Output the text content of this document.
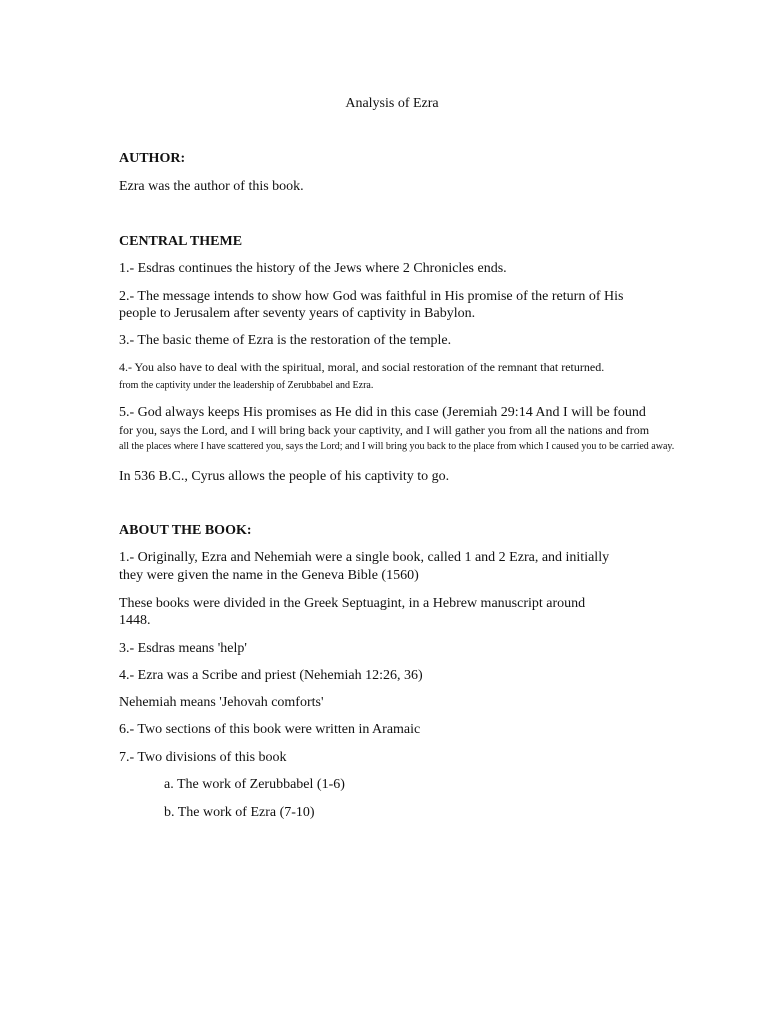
Analysis of Ezra
AUTHOR:
Ezra was the author of this book.
CENTRAL THEME
1.- Esdras continues the history of the Jews where 2 Chronicles ends.
2.- The message intends to show how God was faithful in His promise of the return of His
people to Jerusalem after seventy years of captivity in Babylon.
3.- The basic theme of Ezra is the restoration of the temple.
4.- You also have to deal with the spiritual, moral, and social restoration of the remnant that returned.
from the captivity under the leadership of Zerubbabel and Ezra.
5.- God always keeps His promises as He did in this case (Jeremiah 29:14 And I will be found
for you, says the Lord, and I will bring back your captivity, and I will gather you from all the nations and from
all the places where I have scattered you, says the Lord; and I will bring you back to the place from which I caused you to be carried away.
In 536 B.C., Cyrus allows the people of his captivity to go.
ABOUT THE BOOK:
1.- Originally, Ezra and Nehemiah were a single book, called 1 and 2 Ezra, and initially
they were given the name in the Geneva Bible (1560)
These books were divided in the Greek Septuagint, in a Hebrew manuscript around
1448.
3.- Esdras means 'help'
4.- Ezra was a Scribe and priest (Nehemiah 12:26, 36)
Nehemiah means 'Jehovah comforts'
6.- Two sections of this book were written in Aramaic
7.- Two divisions of this book
a. The work of Zerubbabel (1-6)
b. The work of Ezra (7-10)
